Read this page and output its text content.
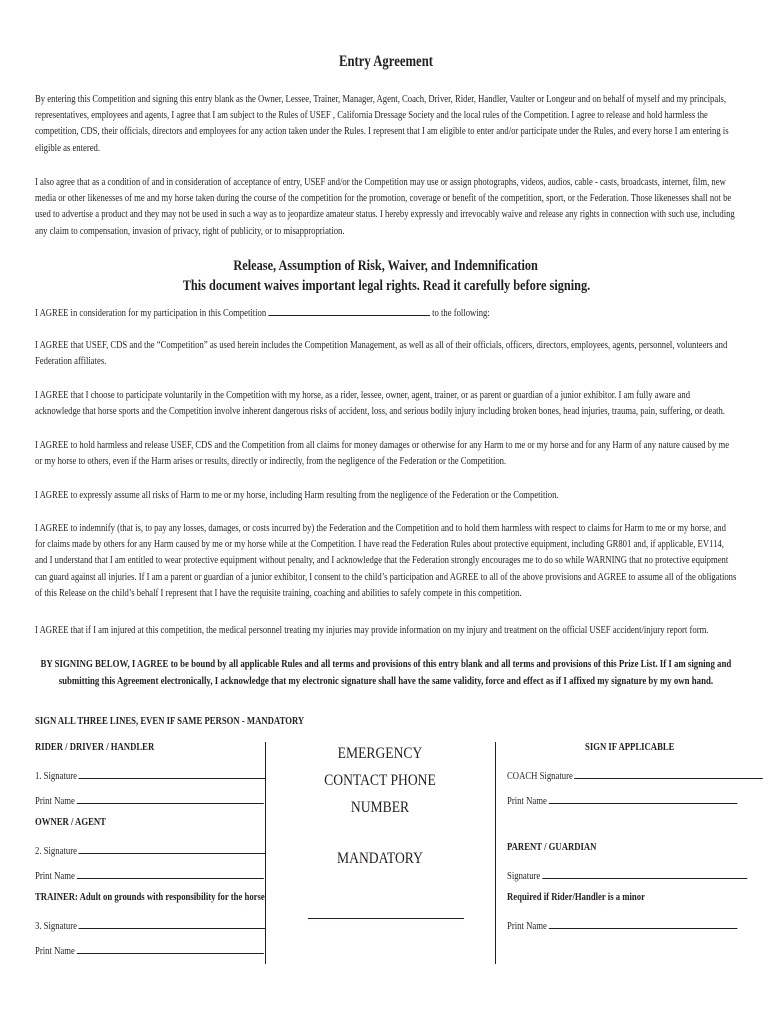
Entry Agreement

By entering this Competition and signing this entry blank as the Owner, Lessee, Trainer, Manager, Agent, Coach, Driver, Rider, Handler, Vaulter or Longeur and on behalf of myself and my principals, representatives, employees and agents, I agree that I am subject to the Rules of USEF , California Dressage Society and the local rules of the Competition. I agree to release and hold harmless the competition, CDS, their officials, directors and employees for any action taken under the Rules. I represent that I am eligible to enter and/or participate under the Rules, and every horse I am entering is eligible as entered.

I also agree that as a condition of and in consideration of acceptance of entry, USEF and/or the Competition may use or assign photographs, videos, audios, cable - casts, broadcasts, internet, film, new media or other likenesses of me and my horse taken during the course of the competition for the promotion, coverage or benefit of the competition, sport, or the Federation. Those likenesses shall not be used to advertise a product and they may not be used in such a way as to jeopardize amateur status. I hereby expressly and irrevocably waive and release any rights in connection with such use, including any claim to compensation, invasion of privacy, right of publicity, or to misappropriation.

Release, Assumption of Risk, Waiver, and Indemnification
This document waives important legal rights. Read it carefully before signing.

I AGREE in consideration for my participation in this Competition	to the following:

I AGREE that USEF, CDS and the “Competition” as used herein includes the Competition Management, as well as all of their officials, officers, directors, employees, agents, personnel, volunteers and Federation affiliates.

I AGREE that I choose to participate voluntarily in the Competition with my horse, as a rider, lessee, owner, agent, trainer, or as parent or guardian of a junior exhibitor. I am fully aware and acknowledge that horse sports and the Competition involve inherent dangerous risks of accident, loss, and serious bodily injury including broken bones, head injuries, trauma, pain, suffering, or death.

I AGREE to hold harmless and release USEF, CDS and the Competition from all claims for money damages or otherwise for any Harm to me or my horse and for any Harm of any nature caused by me or my horse to others, even if the Harm arises or results, directly or indirectly, from the negligence of the Federation or the Competition.

I AGREE to expressly assume all risks of Harm to me or my horse, including Harm resulting from the negligence of the Federation or the Competition.

I AGREE to indemnify (that is, to pay any losses, damages, or costs incurred by) the Federation and the Competition and to hold them harmless with respect to claims for Harm to me or my horse, and for claims made by others for any Harm caused by me or my horse while at the Competition. I have read the Federation Rules about protective equipment, including GR801 and, if applicable, EV114, and I understand that I am entitled to wear protective equipment without penalty, and I acknowledge that the Federation strongly encourages me to do so while WARNING that no protective equipment can guard against all injuries. If I am a parent or guardian of a junior exhibitor, I consent to the child’s participation and AGREE to all of the above provisions and AGREE to assume all of the obligations of this Release on the child’s behalf I represent that I have the requisite training, coaching and abilities to safely compete in this competition.

I AGREE that if I am injured at this competition, the medical personnel treating my injuries may provide information on my injury and treatment on the official USEF accident/injury report form.

BY SIGNING BELOW, I AGREE to be bound by all applicable Rules and all terms and provisions of this entry blank and all terms and provisions of this Prize List. If I am signing and submitting this Agreement electronically, I acknowledge that my electronic signature shall have the same validity, force and effect as if I affixed my signature by my own hand.

SIGN ALL THREE LINES, EVEN IF SAME PERSON - MANDATORY
RIDER / DRIVER / HANDLER
1. Signature
Print Name
OWNER / AGENT
2. Signature
Print Name
TRAINER: Adult on grounds with responsibility for the horse
3. Signature
Print Name
EMERGENCY
CONTACT PHONE
NUMBER
MANDATORY
SIGN IF APPLICABLE
COACH Signature
Print Name
PARENT / GUARDIAN
Signature
Required if Rider/Handler is a minor
Print Name
